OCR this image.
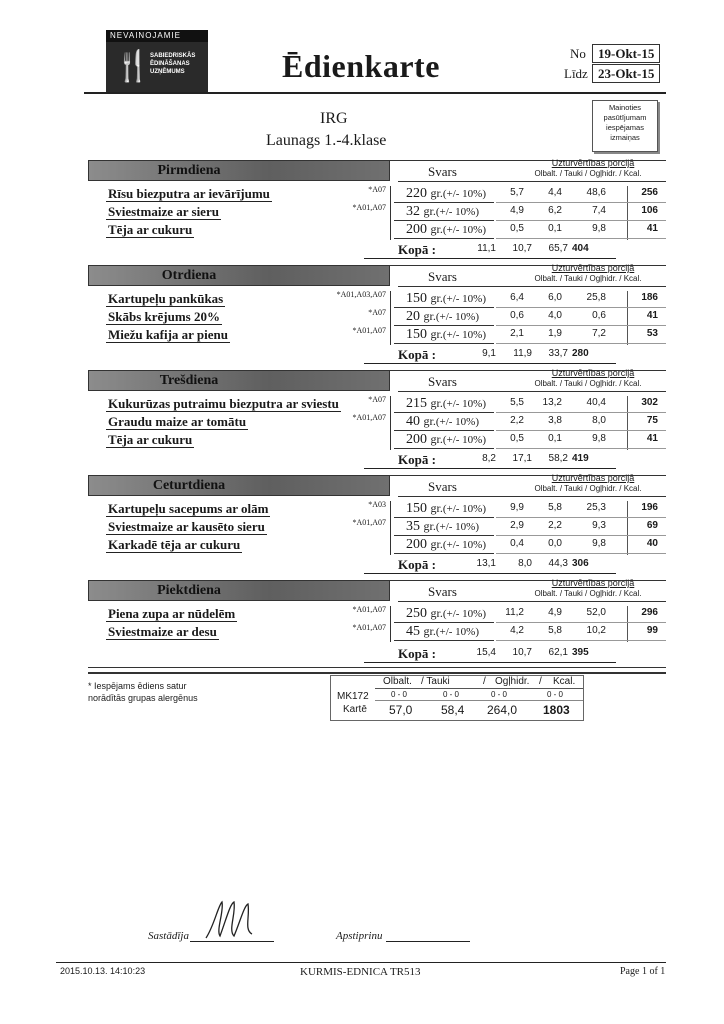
NEVAINOJAMIE
🍴
SABIEDRISKĀS
ĒDINĀŠANAS
UZŅĒMUMS	Ēdienkarte	No 19-Okt-15
Līdz 23-Okt-15
IRG
Launags 1.-4.klase
Mainoties
pasūtījumam
iespējamas
izmaiņas
Pirmdiena	Svars
Uzturvērtības porcijā
Olbalt. / Tauki / Ogļhidr. / Kcal.
Rīsu biezputra ar ievārījumu	*A07 220 gr.(+/- 10%)	5,7	4,4	48,6	256
Sviestmaize ar sieru	*A01,A07 32 gr.(+/- 10%)	4,9	6,2	7,4	106
Tēja ar cukuru	200 gr.(+/- 10%)	0,5	0,1	9,8	41
Kopā :	11,1	10,7	65,7 404
Otrdiena	Svars
Uzturvērtības porcijā
Olbalt. / Tauki / Ogļhidr. / Kcal.
Kartupeļu pankūkas	*A01,A03,A07 150 gr.(+/- 10%)	6,4	6,0	25,8	186
Skābs krējums 20%	*A07 20 gr.(+/- 10%)	0,6	4,0	0,6	41
Miežu kafija ar pienu	*A01,A07 150 gr.(+/- 10%)	2,1	1,9	7,2	53
Kopā :	9,1	11,9	33,7 280
Trešdiena	Svars
Uzturvērtības porcijā
Olbalt. / Tauki / Ogļhidr. / Kcal.
Kukurūzas putraimu biezputra ar sviestu	*A07 215 gr.(+/- 10%)	5,5	13,2	40,4	302
Graudu maize ar tomātu	*A01,A07 40 gr.(+/- 10%)	2,2	3,8	8,0	75
Tēja ar cukuru	200 gr.(+/- 10%)	0,5	0,1	9,8	41
Kopā :	8,2	17,1	58,2 419
Ceturtdiena	Svars
Uzturvērtības porcijā
Olbalt. / Tauki / Ogļhidr. / Kcal.
Kartupeļu sacepums ar olām	*A03 150 gr.(+/- 10%)	9,9	5,8	25,3	196
Sviestmaize ar kausēto sieru	*A01,A07 35 gr.(+/- 10%)	2,9	2,2	9,3	69
Karkadē tēja ar cukuru	200 gr.(+/- 10%)	0,4	0,0	9,8	40
Kopā :	13,1	8,0	44,3 306
Piektdiena	Svars
Uzturvērtības porcijā
Olbalt. / Tauki / Ogļhidr. / Kcal.
Piena zupa ar nūdelēm	*A01,A07 250 gr.(+/- 10%)	11,2	4,9	52,0	296
Sviestmaize ar desu	*A01,A07 45 gr.(+/- 10%)	4,2	5,8	10,2	99
Kopā :	15,4	10,7	62,1 395
* Iespējams ēdiens satur
norādītās grupas alergēnus
Olbalt. / Tauki	/ Ogļhidr. / Kcal.
MK172	0 - 0	0 - 0	0 - 0	0 - 0
Kartē 57,0 58,4 264,0 1803
Sastādīja	Apstiprinu
2015.10.13. 14:10:23	KURMIS-EDNICA TR513	Page 1 of 1
